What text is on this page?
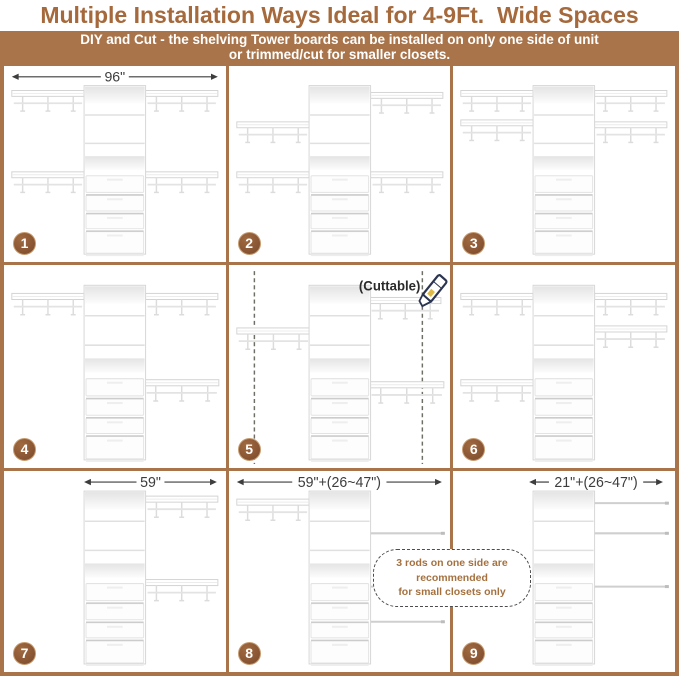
Multiple Installation Ways Ideal for 4-9Ft.  Wide Spaces
DIY and Cut - the shelving Tower boards can be installed on only one side of unit
or trimmed/cut for smaller closets.
96"
1	2	3
4
(Cuttable)
5	6
59"
7
59"+(26~47")
8
21"+(26~47")
9
3 rods on one side are recommended
for small closets only
